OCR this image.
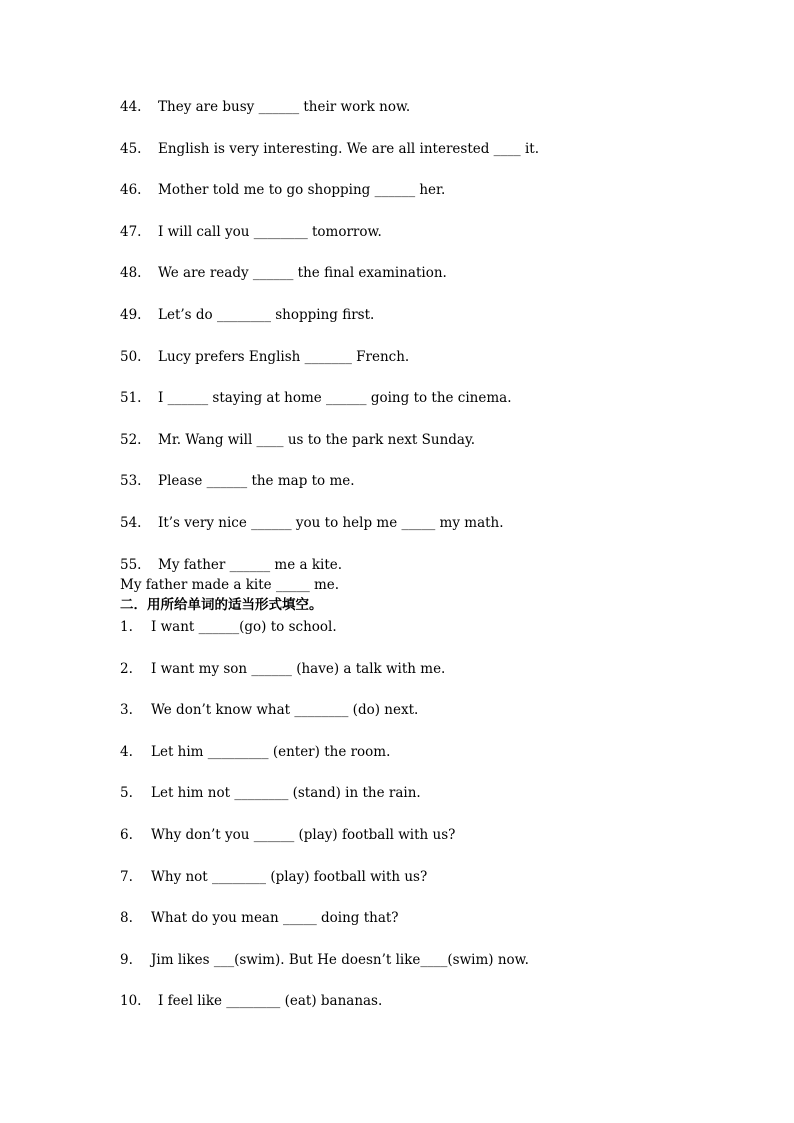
44. They are busy ______ their work now.
45. English is very interesting. We are all interested ____ it.
46. Mother told me to go shopping ______ her.
47. I will call you ________ tomorrow.
48. We are ready ______ the final examination.
49. Let’s do ________ shopping first.
50. Lucy prefers English _______ French.
51. I ______ staying at home ______ going to the cinema.
52. Mr. Wang will ____ us to the park next Sunday.
53. Please ______ the map to me.
54. It’s very nice ______ you to help me _____ my math.
55. My father ______ me a kite.
My father made a kite _____ me.
二．用所给单词的适当形式填空。
1. I want ______(go) to school.
2. I want my son ______ (have) a talk with me.
3. We don’t know what ________ (do) next.
4. Let him _________ (enter) the room.
5. Let him not ________ (stand) in the rain.
6. Why don’t you ______ (play) football with us?
7. Why not ________ (play) football with us?
8. What do you mean _____ doing that?
9. Jim likes ___(swim). But He doesn’t like____(swim) now.
10. I feel like ________ (eat) bananas.
